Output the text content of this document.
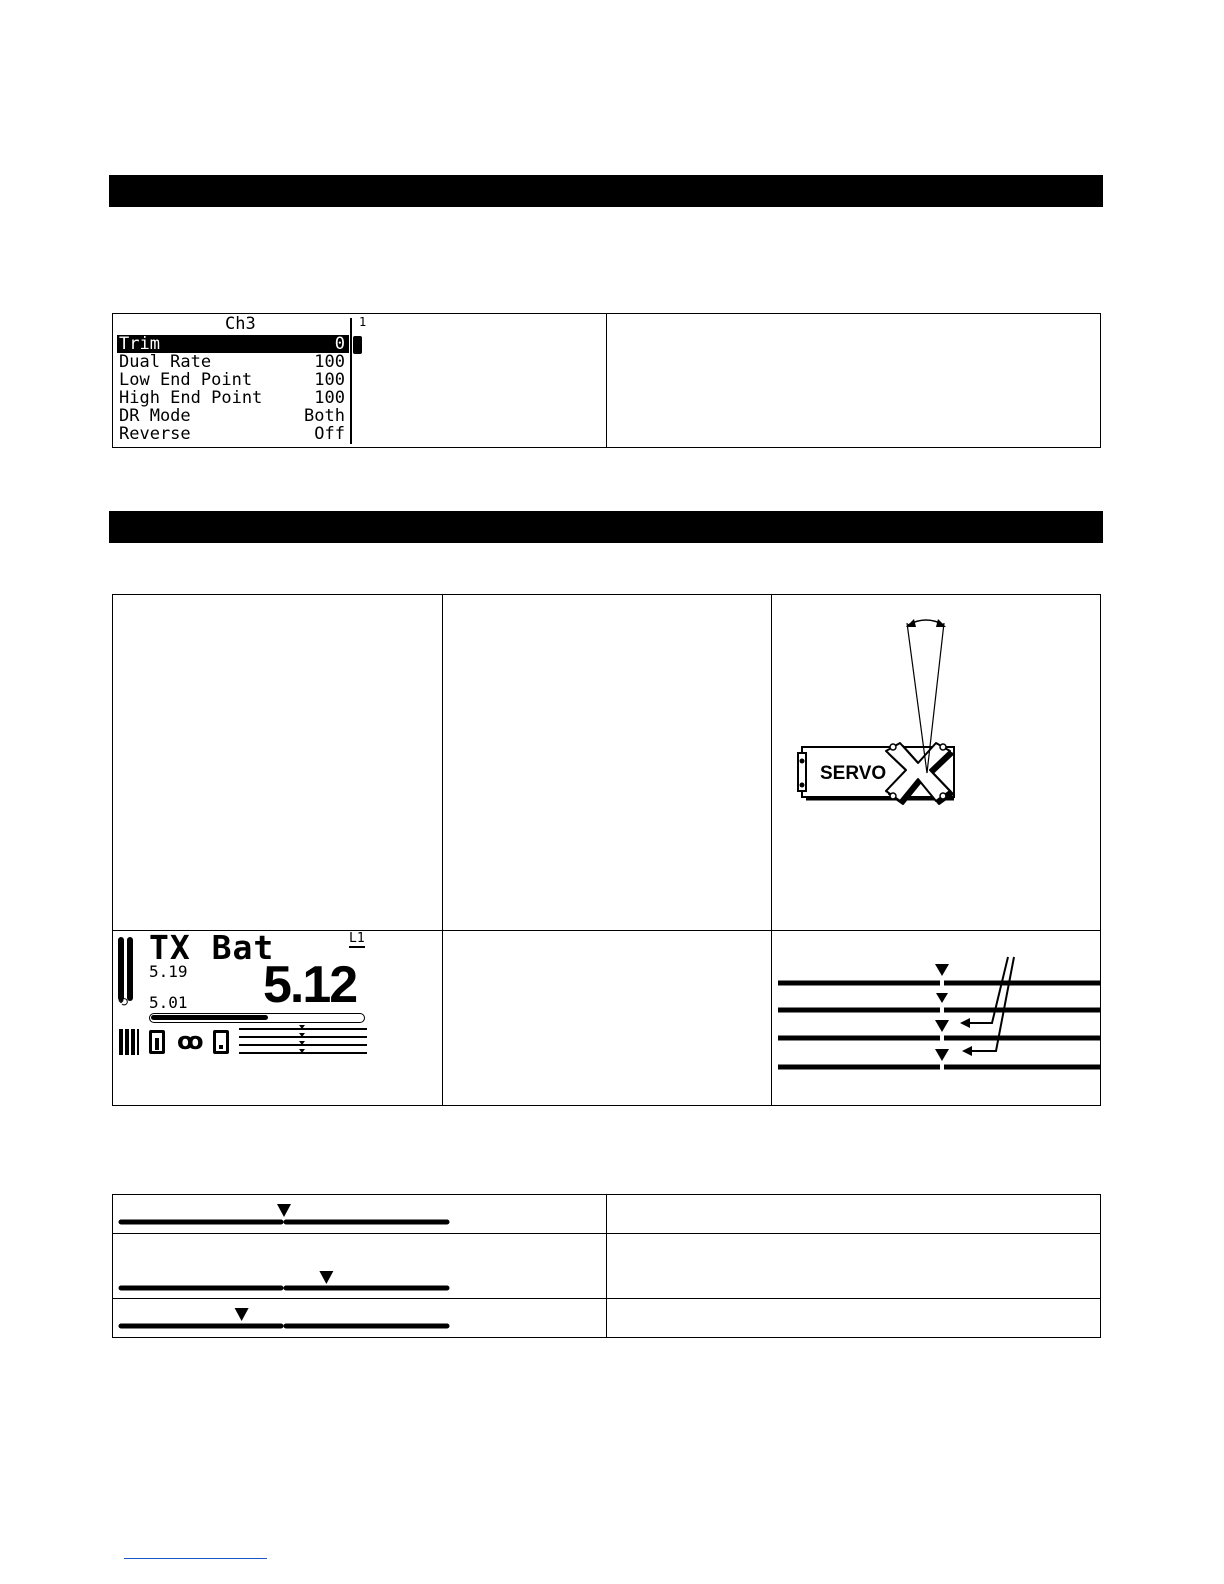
Ch3
Trim	0
Dual Rate	100
Low End Point	100
High End Point	100
DR Mode	Both
Reverse	Off
1
SERVO
TX Bat	L1
5.19 5.12
⟲ 5.01
ꝏ
